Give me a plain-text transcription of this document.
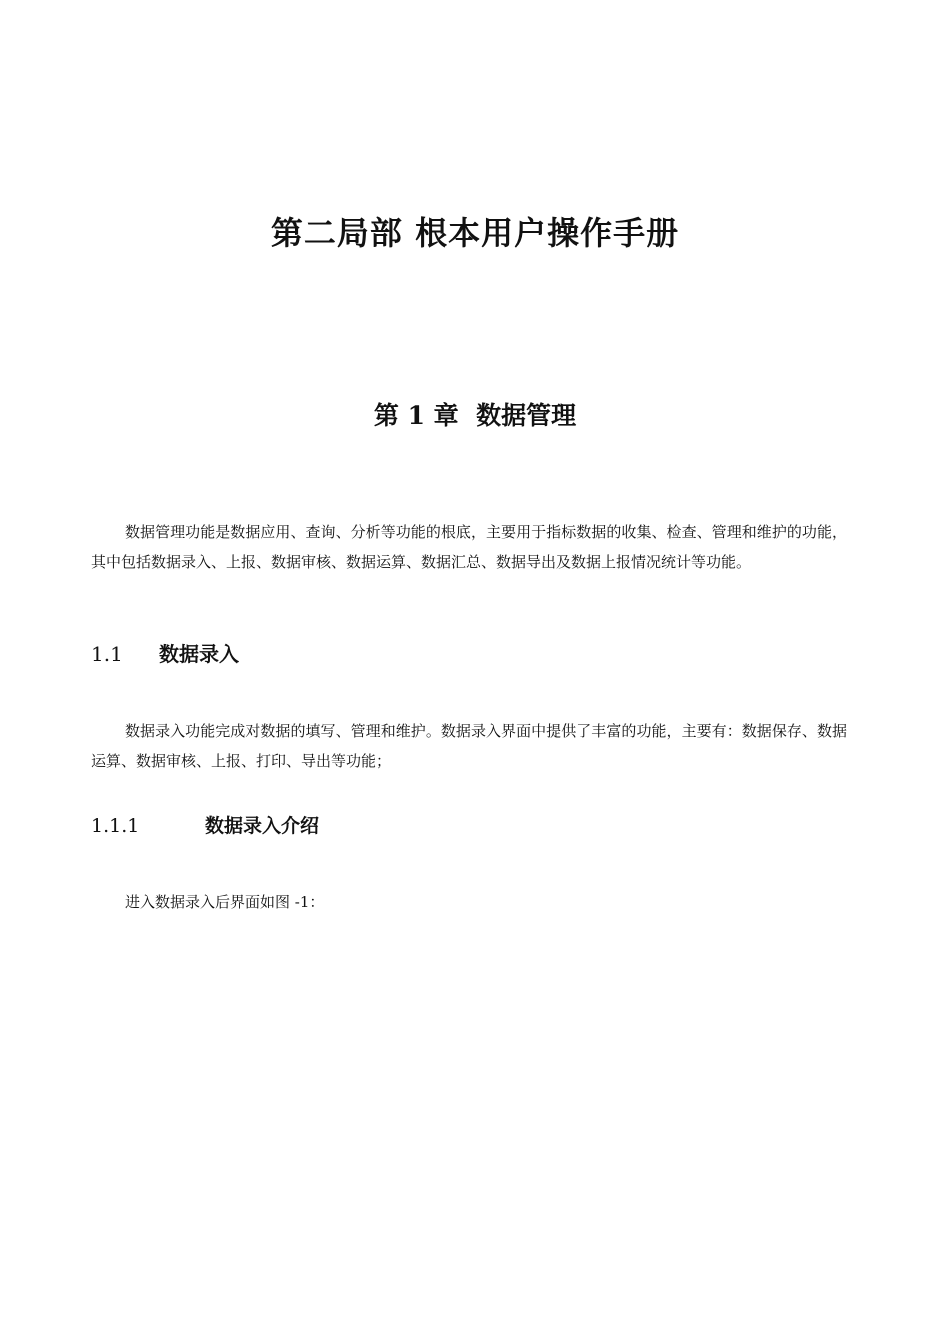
第二局部 根本用户操作手册
第 1 章 数据管理

数据管理功能是数据应用、查询、分析等功能的根底，主要用于指标数据的收集、检查、管理和维护的功能，其中包括数据录入、上报、数据审核、数据运算、数据汇总、数据导出及数据上报情况统计等功能。

1.1 数据录入

数据录入功能完成对数据的填写、管理和维护。数据录入界面中提供了丰富的功能，主要有：数据保存、数据运算、数据审核、上报、打印、导出等功能；

1.1.1	数据录入介绍

进入数据录入后界面如图 -1：
